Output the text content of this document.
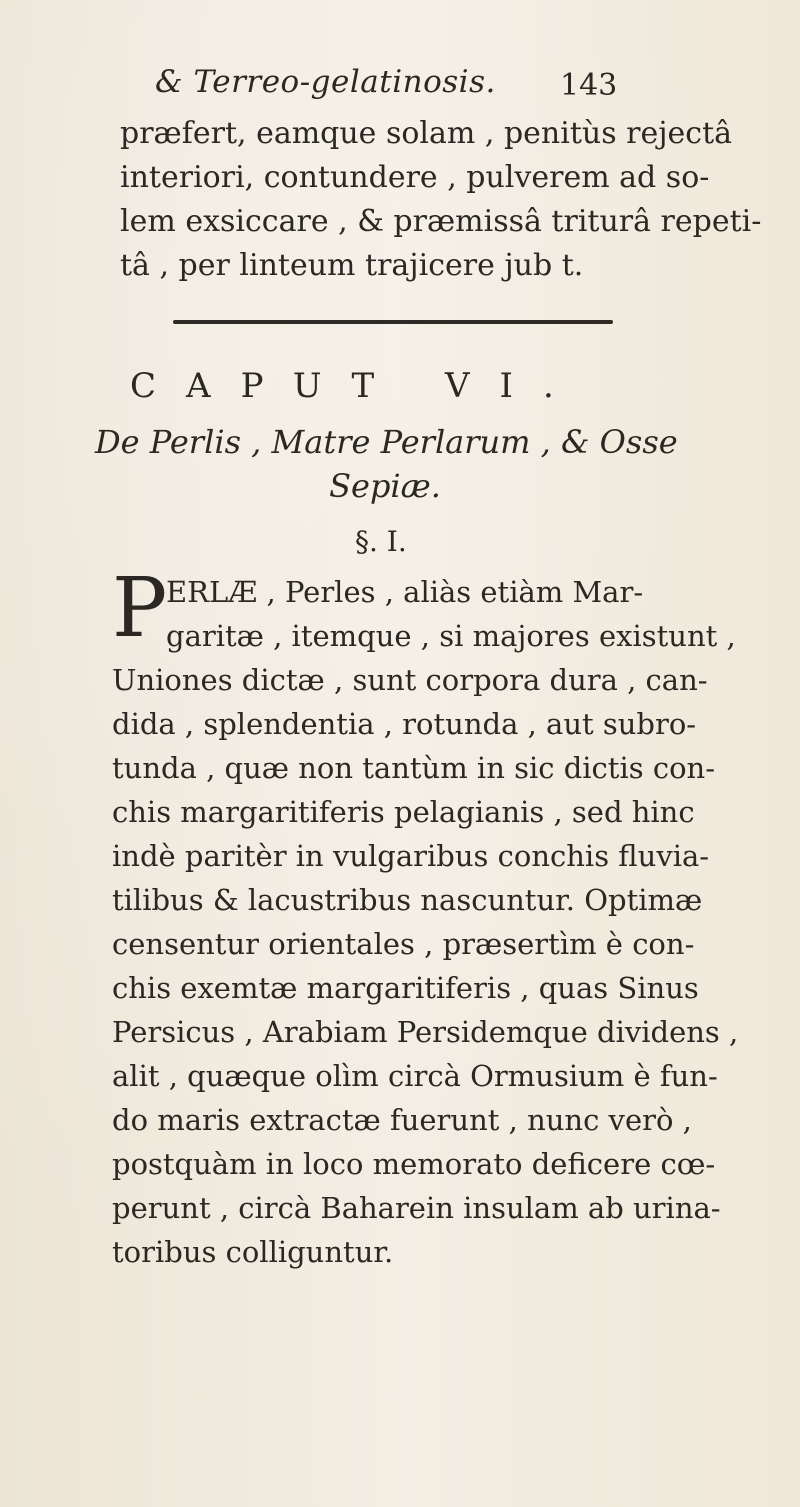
& Terreo-gelatinosis. 143
præfert, eamque solam , penitùs rejectâ
interiori, contundere , pulverem ad so-
lem exsiccare , & præmissâ triturâ repeti-
tâ , per linteum trajicere jub t.
CAPUT VI.
De Perlis , Matre Perlarum , & Osse
Sepiæ.
§. I.
P
ERLÆ , Perles , aliàs etiàm Mar-
garitæ , itemque , si majores existunt ,
Uniones dictæ , sunt corpora dura , can-
dida , splendentia , rotunda , aut subro-
tunda , quæ non tantùm in sic dictis con-
chis margaritiferis pelagianis , sed hinc
indè paritèr in vulgaribus conchis fluvia-
tilibus & lacustribus nascuntur. Optimæ
censentur orientales , præsertìm è con-
chis exemtæ margaritiferis , quas Sinus
Persicus , Arabiam Persidemque dividens ,
alit , quæque olìm circà Ormusium è fun-
do maris extractæ fuerunt , nunc verò ,
postquàm in loco memorato deficere cœ-
perunt , circà Baharein insulam ab urina-
toribus colliguntur.
